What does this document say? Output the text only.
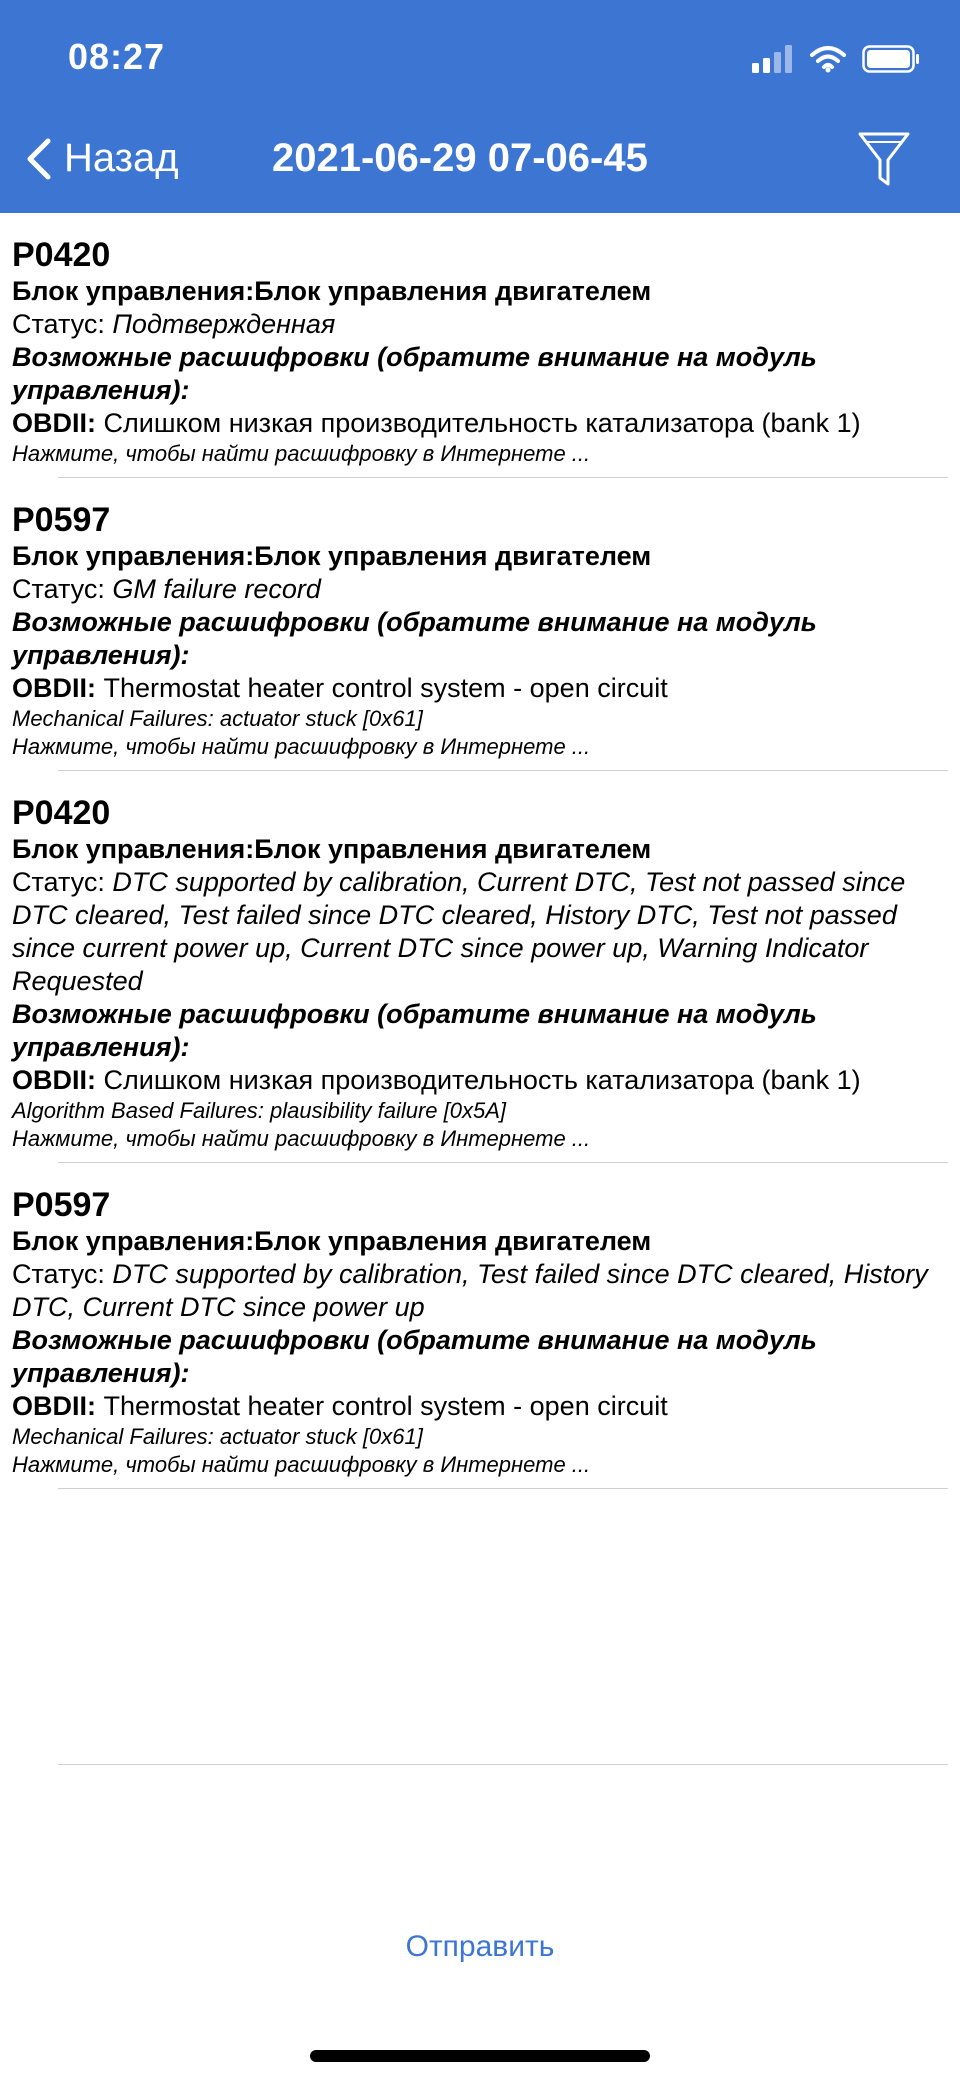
08:27
Назад 2021-06-29 07-06-45
P0420
Блок управления:Блок управления двигателем
Статус: Подтвержденная
Возможные расшифровки (обратите внимание на модуль управления):
OBDII: Слишком низкая производительность катализатора (bank 1)
Нажмите, чтобы найти расшифровку в Интернете ...
P0597
Блок управления:Блок управления двигателем
Статус: GM failure record
Возможные расшифровки (обратите внимание на модуль управления):
OBDII: Thermostat heater control system - open circuit
Mechanical Failures: actuator stuck [0x61]
Нажмите, чтобы найти расшифровку в Интернете ...
P0420
Блок управления:Блок управления двигателем
Статус: DTC supported by calibration, Current DTC, Test not passed since DTC cleared, Test failed since DTC cleared, History DTC, Test not passed since current power up, Current DTC since power up, Warning Indicator Requested
Возможные расшифровки (обратите внимание на модуль управления):
OBDII: Слишком низкая производительность катализатора (bank 1)
Algorithm Based Failures: plausibility failure [0x5A]
Нажмите, чтобы найти расшифровку в Интернете ...
P0597
Блок управления:Блок управления двигателем
Статус: DTC supported by calibration, Test failed since DTC cleared, History DTC, Current DTC since power up
Возможные расшифровки (обратите внимание на модуль управления):
OBDII: Thermostat heater control system - open circuit
Mechanical Failures: actuator stuck [0x61]
Нажмите, чтобы найти расшифровку в Интернете ...
Отправить
